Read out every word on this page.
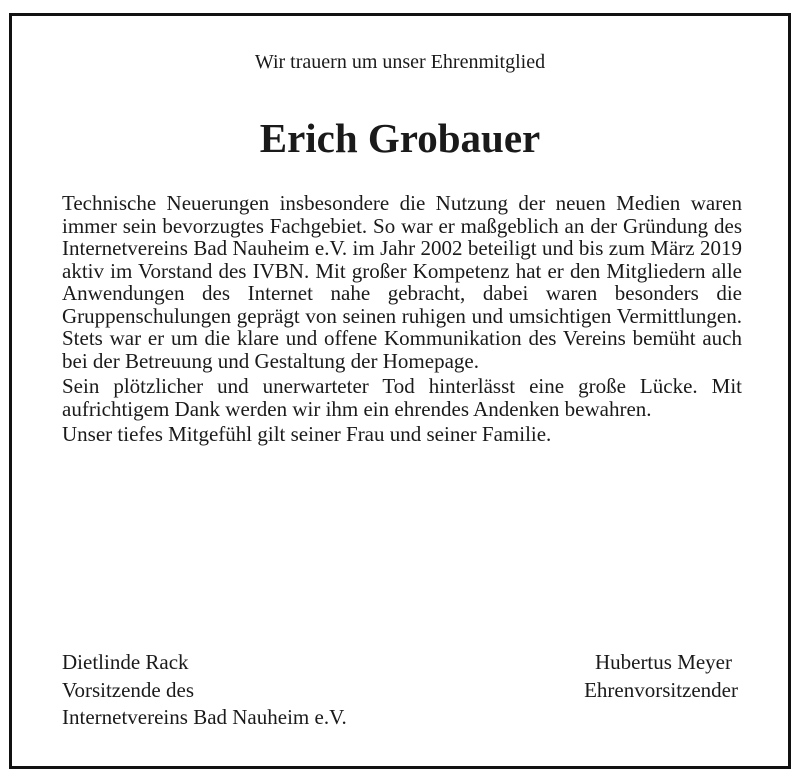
Wir trauern um unser Ehrenmitglied
Erich Grobauer

Technische Neuerungen insbesondere die Nutzung der neuen Medien waren immer sein bevorzugtes Fachgebiet. So war er maßgeblich an der Gründung des Internetvereins Bad Nauheim e.V. im Jahr 2002 beteiligt und bis zum März 2019 aktiv im Vorstand des IVBN. Mit großer Kompetenz hat er den Mitgliedern alle Anwendungen des Internet nahe gebracht, dabei waren besonders die Gruppenschulungen geprägt von seinen ruhigen und umsichtigen Vermittlungen. Stets war er um die klare und offene Kommunikation des Vereins bemüht auch bei der Betreuung und Gestaltung der Homepage.

Sein plötzlicher und unerwarteter Tod hinterlässt eine große Lücke. Mit aufrichtigem Dank werden wir ihm ein ehrendes Andenken bewahren.

Unser tiefes Mitgefühl gilt seiner Frau und seiner Familie.

Dietlinde Rack
Vorsitzende des
Internetvereins Bad Nauheim e.V.
Hubertus Meyer
Ehrenvorsitzender
